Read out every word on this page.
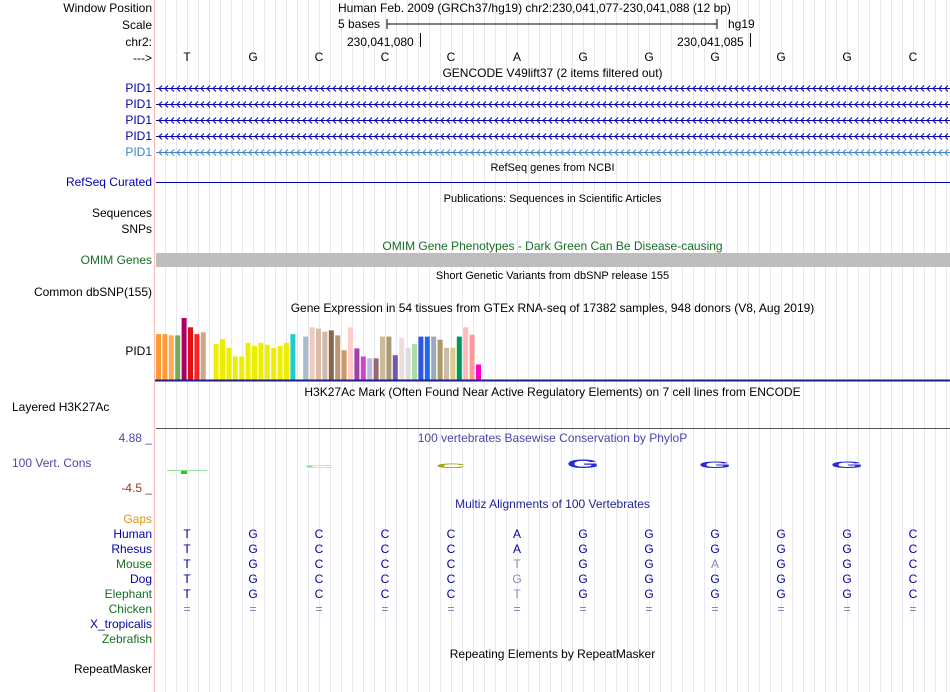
Window Position	Human Feb. 2009 (GRCh37/hg19) chr2:230,041,077-230,041,088 (12 bp)
Scale	5 bases	hg19
chr2:	230,041,080	230,041,085
--->	T	G	C	C	C	A	G	G	G	G	G	C
GENCODE V49lift37 (2 items filtered out)
PID1
PID1
PID1
PID1
PID1
RefSeq genes from NCBI
RefSeq Curated
Publications: Sequences in Scientific Articles
Sequences
SNPs
OMIM Gene Phenotypes - Dark Green Can Be Disease-causing
OMIM Genes
Short Genetic Variants from dbSNP release 155
Common dbSNP(155)
Gene Expression in 54 tissues from GTEx RNA-seq of 17382 samples, 948 donors (V8, Aug 2019)
PID1
H3K27Ac Mark (Often Found Near Active Regulatory Elements) on 7 cell lines from ENCODE
Layered H3K27Ac
100 vertebrates Basewise Conservation by PhyloP
4.88 _
100 Vert. Cons
-4.5 _
C	C	G	G	G
Multiz Alignments of 100 Vertebrates
Gaps
Human	T	G	C	C	C	A	G	G	G	G	G	C
Rhesus	T	G	C	C	C	A	G	G	G	G	G	C
Mouse	T	G	C	C	C	T	G	G	A	G	G	C
Dog	T	G	C	C	C	G	G	G	G	G	G	C
Elephant	T	G	C	C	C	T	G	G	G	G	G	C
Chicken	=	=	=	=	=	=	=	=	=	=	=	=
X_tropicalis
Zebrafish
Repeating Elements by RepeatMasker
RepeatMasker
